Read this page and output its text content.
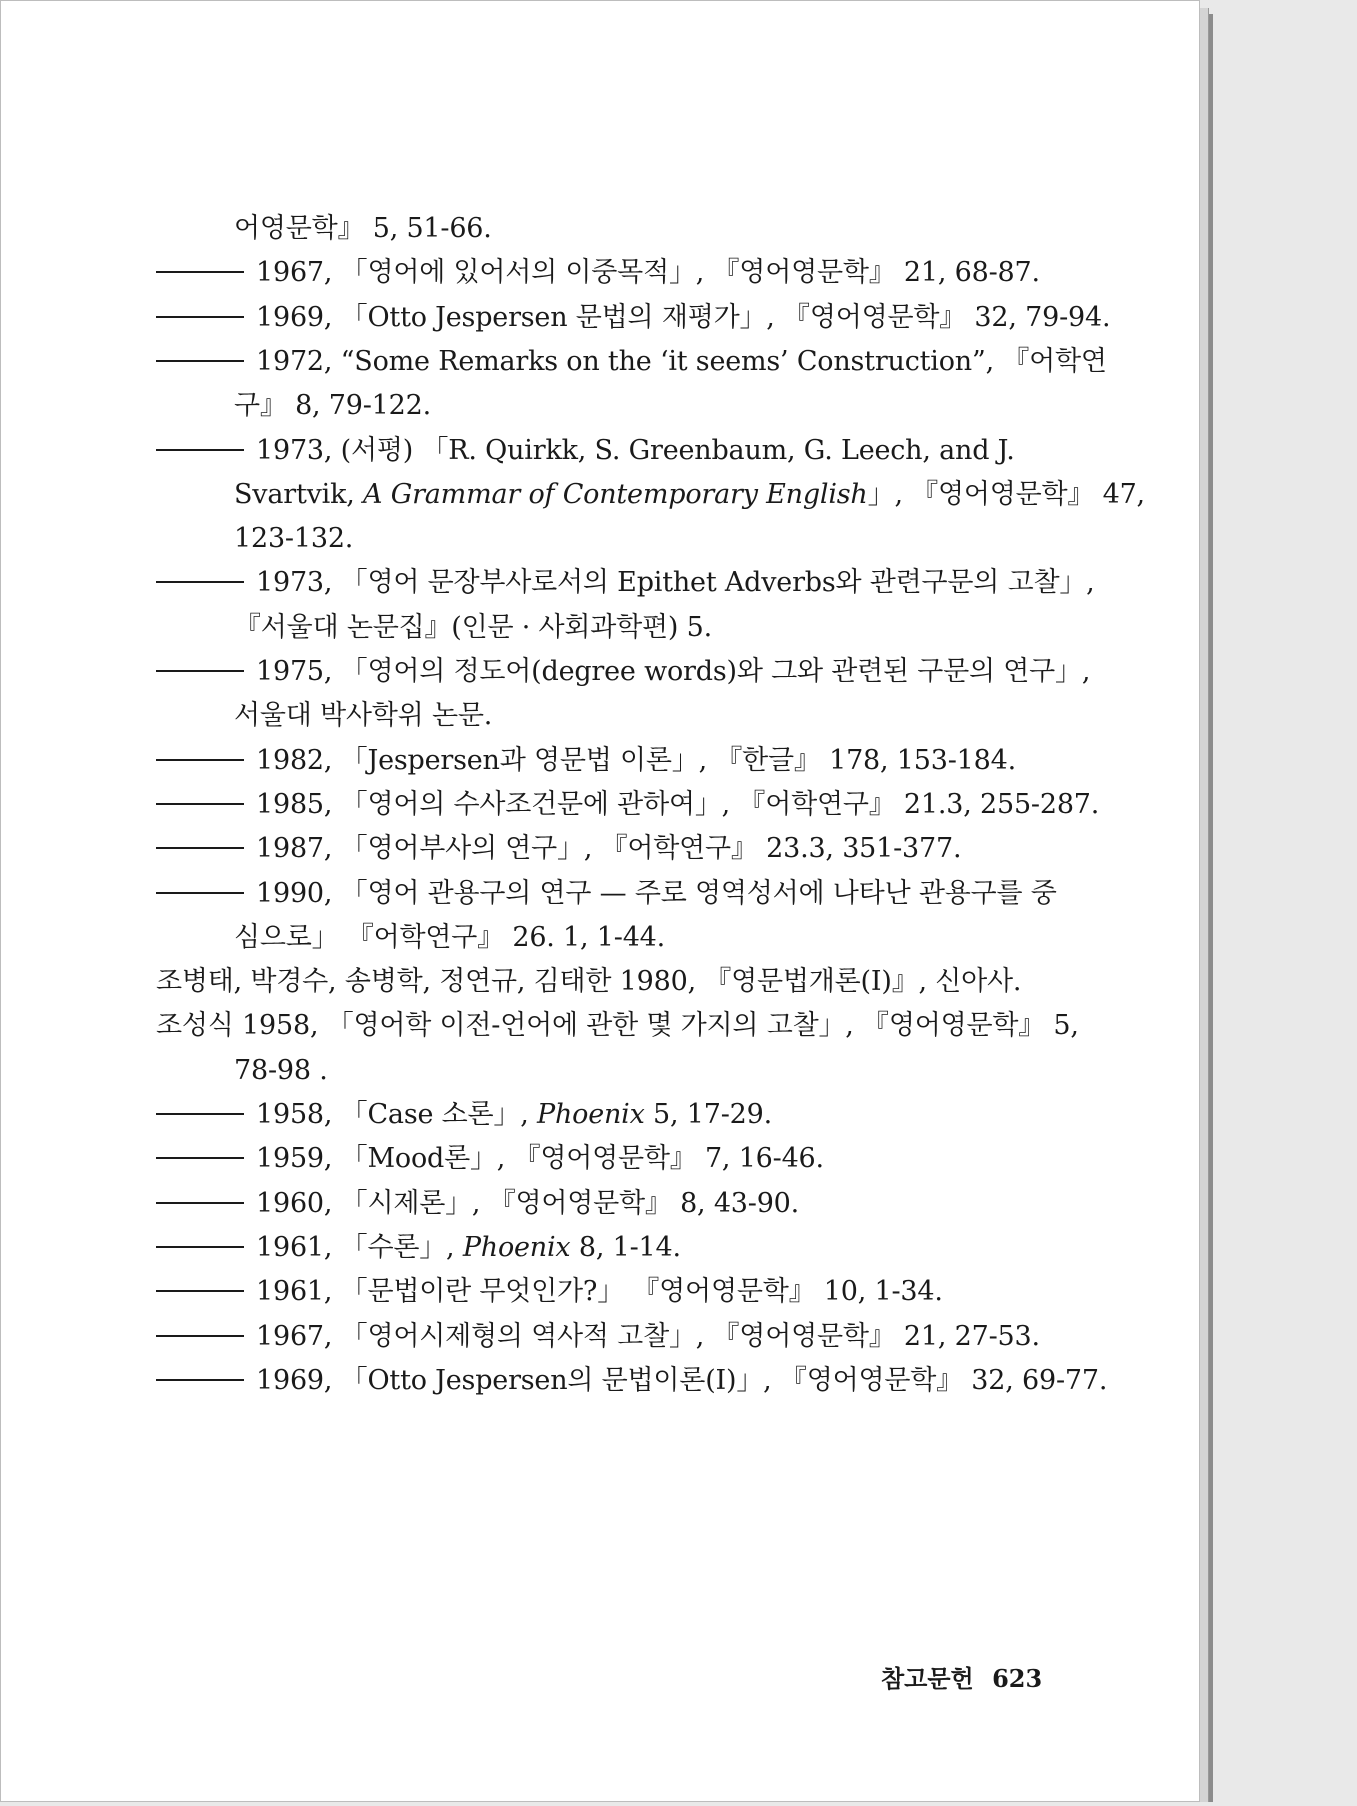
어영문학』 5, 51-66.
1967, 「영어에 있어서의 이중목적」, 『영어영문학』 21, 68-87.
1969, 「Otto Jespersen 문법의 재평가」, 『영어영문학』 32, 79-94.
1972, “Some Remarks on the ‘it seems’ Construction”, 『어학연
구』 8, 79-122.
1973, (서평) 「R. Quirkk, S. Greenbaum, G. Leech, and J.
Svartvik, A Grammar of Contemporary English」, 『영어영문학』 47,
123-132.
1973, 「영어 문장부사로서의 Epithet Adverbs와 관련구문의 고찰」,
『서울대 논문집』(인문 · 사회과학편) 5.
1975, 「영어의 정도어(degree words)와 그와 관련된 구문의 연구」,
서울대 박사학위 논문.
1982, 「Jespersen과 영문법 이론」, 『한글』 178, 153-184.
1985, 「영어의 수사조건문에 관하여」, 『어학연구』 21.3, 255-287.
1987, 「영어부사의 연구」, 『어학연구』 23.3, 351-377.
1990, 「영어 관용구의 연구 — 주로 영역성서에 나타난 관용구를 중
심으로」 『어학연구』 26. 1, 1-44.
조병태, 박경수, 송병학, 정연규, 김태한 1980, 『영문법개론(I)』, 신아사.
조성식 1958, 「영어학 이전-언어에 관한 몇 가지의 고찰」, 『영어영문학』 5,
78-98 .
1958, 「Case 소론」, Phoenix 5, 17-29.
1959, 「Mood론」, 『영어영문학』 7, 16-46.
1960, 「시제론」, 『영어영문학』 8, 43-90.
1961, 「수론」, Phoenix 8, 1-14.
1961, 「문법이란 무엇인가?」 『영어영문학』 10, 1-34.
1967, 「영어시제형의 역사적 고찰」, 『영어영문학』 21, 27-53.
1969, 「Otto Jespersen의 문법이론(I)」, 『영어영문학』 32, 69-77.
참고문헌 623
